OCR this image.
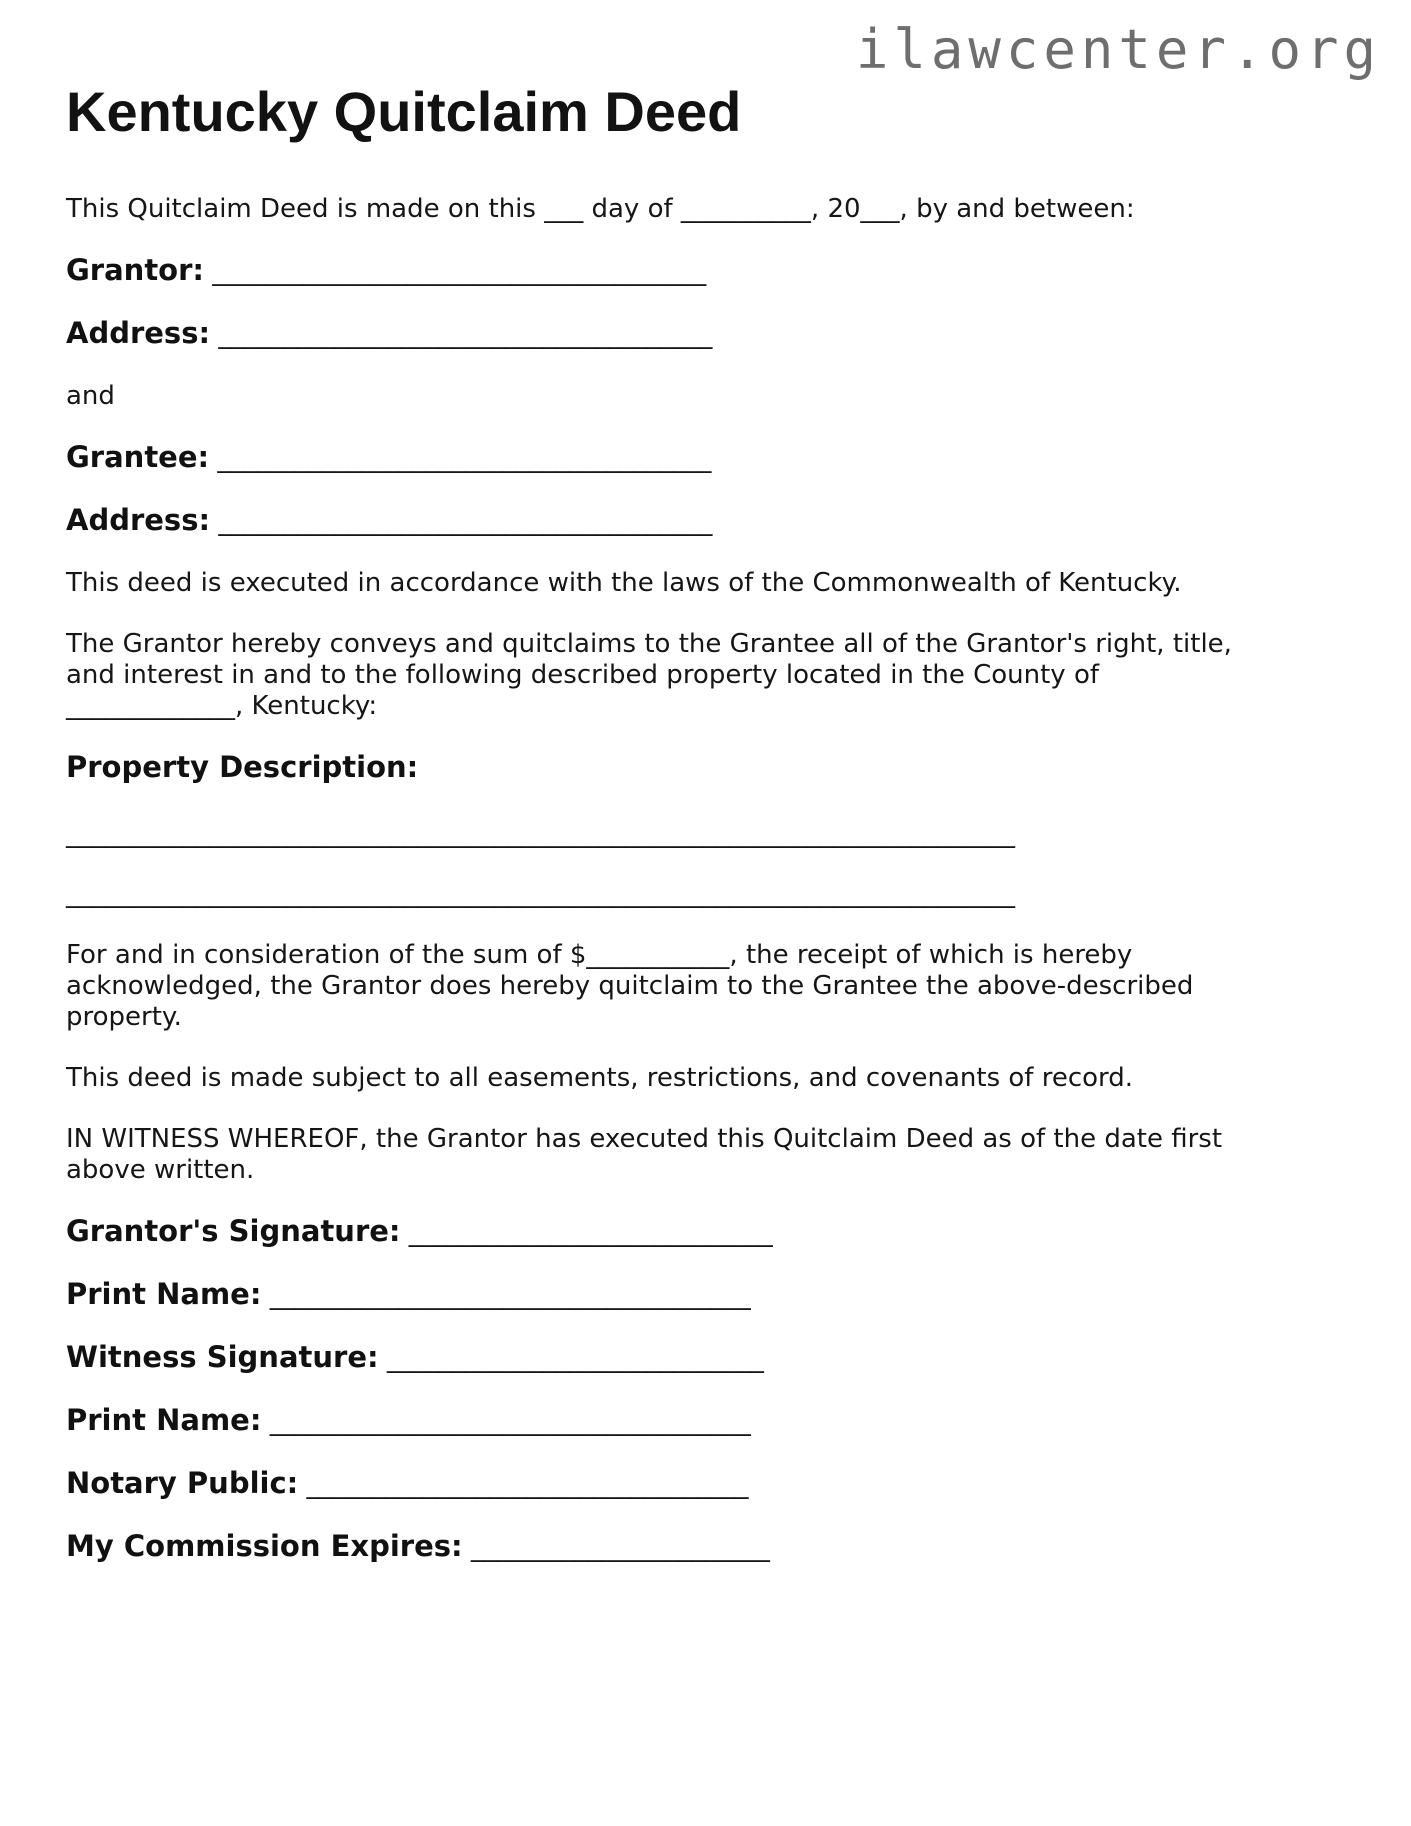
ilawcenter.org
Kentucky Quitclaim Deed
This Quitclaim Deed is made on this ___ day of __________, 20___, by and between:
Grantor: ______________________________________
Address: ______________________________________
and
Grantee: ______________________________________
Address: ______________________________________
This deed is executed in accordance with the laws of the Commonwealth of Kentucky.
The Grantor hereby conveys and quitclaims to the Grantee all of the Grantor's right, title,
and interest in and to the following described property located in the County of
_____________, Kentucky:
Property Description:
_________________________________________________________________________
_________________________________________________________________________
For and in consideration of the sum of $___________, the receipt of which is hereby
acknowledged, the Grantor does hereby quitclaim to the Grantee the above-described
property.
This deed is made subject to all easements, restrictions, and covenants of record.
IN WITNESS WHEREOF, the Grantor has executed this Quitclaim Deed as of the date first
above written.
Grantor's Signature: ____________________________
Print Name: _____________________________________
Witness Signature: _____________________________
Print Name: _____________________________________
Notary Public: __________________________________
My Commission Expires: _______________________
